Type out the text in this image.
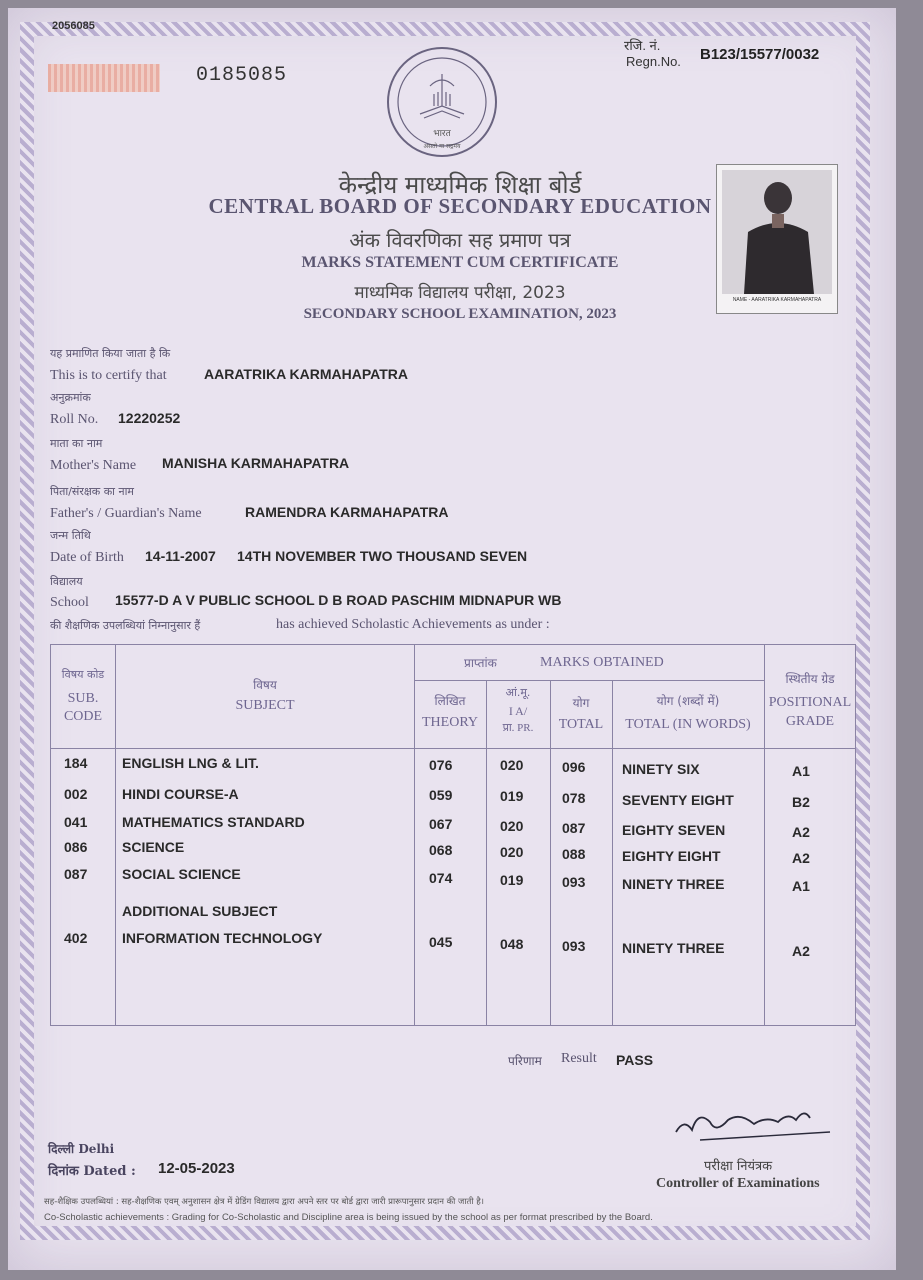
2056085
0185085
रजि. नं.
Regn.No. B123/15577/0032
भारत
असतो मा सद्गमय
केन्द्रीय माध्यमिक शिक्षा बोर्ड
CENTRAL BOARD OF SECONDARY EDUCATION
अंक विवरणिका सह प्रमाण पत्र
MARKS STATEMENT CUM CERTIFICATE
माध्यमिक विद्यालय परीक्षा, 2023
SECONDARY SCHOOL EXAMINATION, 2023
NAME - AARATRIKA KARMAHAPATRA
यह प्रमाणित किया जाता है कि
This is to certify that	AARATRIKA KARMAHAPATRA
अनुक्रमांक
Roll No. 12220252
माता का नाम
Mother's Name MANISHA KARMAHAPATRA
पिता/संरक्षक का नाम
Father's / Guardian's Name	RAMENDRA KARMAHAPATRA
जन्म तिथि
Date of Birth 14-11-2007 14TH NOVEMBER TWO THOUSAND SEVEN
विद्यालय
School 15577-D A V PUBLIC SCHOOL D B ROAD PASCHIM MIDNAPUR WB
की शैक्षणिक उपलब्धियां निम्नानुसार हैं	has achieved Scholastic Achievements as under :
विषय कोड
SUB.
CODE
विषय
SUBJECT
प्राप्तांक	MARKS OBTAINED
लिखित
THEORY
आं.मू.
I A/
प्रा. PR.
योग
TOTAL
योग (शब्दों में)
TOTAL (IN WORDS)
स्थितीय ग्रेड
POSITIONAL
GRADE
184 ENGLISH LNG & LIT.	076	020	096	NINETY SIX	A1
002 HINDI COURSE-A	059	019	078	SEVENTY EIGHT	B2
041 MATHEMATICS STANDARD	067	020	087	EIGHTY SEVEN	A2
086 SCIENCE	068	020	088	EIGHTY EIGHT	A2
087 SOCIAL SCIENCE	074	019	093	NINETY THREE	A1
ADDITIONAL SUBJECT
402 INFORMATION TECHNOLOGY	045	048	093	NINETY THREE	A2
परिणाम Result PASS
दिल्ली Delhi
दिनांक Dated : 12-05-2023	परीक्षा नियंत्रक
Controller of Examinations
सह-शैक्षिक उपलब्धियां : सह-शैक्षणिक एवम् अनुशासन क्षेत्र में ग्रेडिंग विद्यालय द्वारा अपने स्तर पर बोर्ड द्वारा जारी प्रारूपानुसार प्रदान की जाती है।
Co-Scholastic achievements : Grading for Co-Scholastic and Discipline area is being issued by the school as per format prescribed by the Board.
